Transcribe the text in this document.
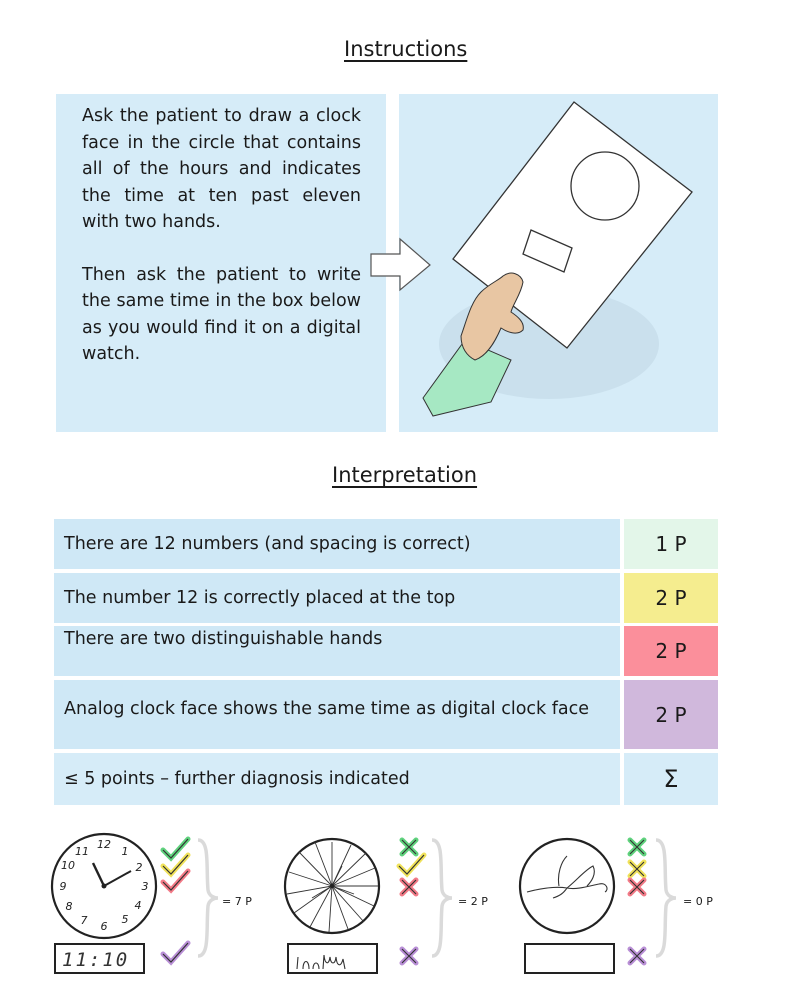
Instructions

Ask the patient to draw a clock face in the circle that contains all of the hours and indicates the time at ten past eleven with two hands.

Then ask the patient to write the same time in the box below as you would find it on a digital watch.

Interpretation
There are 12 numbers (and spacing is correct)	1 P
The number 12 is correctly placed at the top	2 P
There are two distinguishable hands	2 P
Analog clock face shows the same time as digital clock face	2 P
≤ 5 points – further diagnosis indicated	Σ
12
1
2
3
4
5
6
7
8
9
10
11
11:10
= 7 P	= 2 P	= 0 P
